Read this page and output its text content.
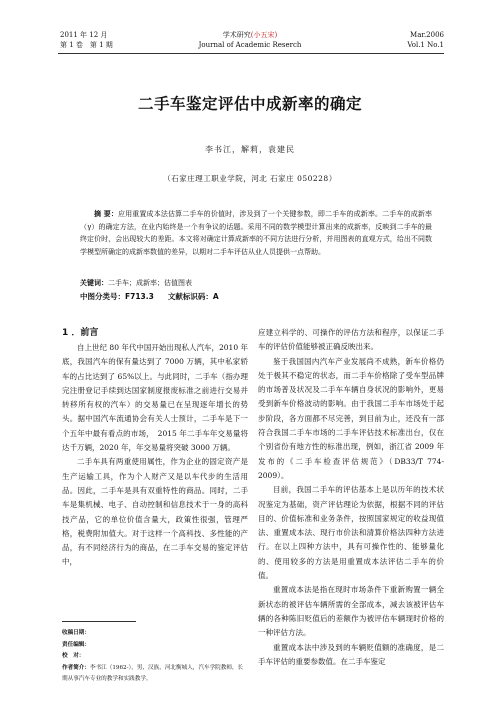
2011 年 12 月
第 1 卷　第 1 期
学术研究(小五宋)
Journal of Academic Reserch
Mar.2006
Vol.1 No.1
二手车鉴定评估中成新率的确定
李书江，解莉，袁建民
（石家庄理工职业学院，河北 石家庄 050228）

摘 要：应用重置成本法估算二手车的价值时，涉及到了一个关键参数，即二手车的成新率。二手车的成新率（γ）的确定方法，在业内始终是一个有争议的话题。采用不同的数学模型计算出来的成新率，反映到二手车的最终定价时，会出现较大的差距。本文将对确定计算成新率的不同方法进行分析，并用图表的直观方式，给出不同数学模型所确定的成新率数值的差异，以期对二手车评估从业人员提供一点帮助。

关键词：二手车；成新率；估值图表
中图分类号：F713.3 文献标识码：A
1 ．前言

自上世纪 80 年代中国开始出现私人汽车，2010 年底，我国汽车的保有量达到了 7000 万辆，其中私家轿车的占比达到了 65%以上。与此同时，二手车（指办理完注册登记手续到达国家制度报废标准之前进行交易并转移所有权的汽车）的交易量已在呈现逐年增长的势头。据中国汽车流通协会有关人士预计，二手车是下一个五年中最有看点的市场，　2015 年二手车年交易量将达千万辆，2020 年，年交易量将突破 3000 万辆。

二手车具有两重使用属性，作为企业的固定资产是生产运输工具，作为个人财产又是以车代步的生活用品。因此，二手车是具有双重特性的商品。同时，二手车是集机械、电子、自动控制和信息技术于一身的高科技产品，它的单位价值含量大，政策性很强，管理严格，税费附加值大。对于这样一个高科技、多性能的产品，有不同经济行为的商品，在二手车交易的鉴定评估中，

应建立科学的、可操作的评估方法和程序，以保证二手车的评估价值能够被正确反映出来。

鉴于我国国内汽车产业发展尚不成熟，新车价格仍处于极其不稳定的状态，而二手车价格除了受车型品牌的市场普及状况及二手车车辆自身状况的影响外，更易受到新车价格波动的影响。由于我国二手车市场处于起步阶段，各方面都不尽完善，到目前为止，还没有一部符合我国二手车市场的二手车评估技术标准出台，仅在个别省份有地方性的标准出现，例如，浙江省 2009 年发布的《二手车检查评估规范》（DB33/T 774-2009）。

目前，我国二手车的评估基本上是以历年的技术状况鉴定为基础，资产评估理论为依据，根据不同的评估目的、价值标准和业务条件，按照国家规定的收益现值法、重置成本法、现行市价法和清算价格法四种方法进行。在以上四种方法中，具有可操作性的、能够量化的、使用较多的方法是用重置成本法评估二手车的价值。

重置成本法是指在现时市场条件下重新购置一辆全新状态的被评估车辆所需的全部成本，减去该被评估车辆的各种陈旧贬值后的差额作为被评估车辆现时价格的一种评估方法。

重置成本法中涉及到的车辆贬值额的准确度，是二手车评估的重要参数值。在二手车鉴定

收稿日期：
责任编辑：
校　对：
作者简介：李书江（1962-），男，汉族，河北衡城人，汽车学院教师，长期从事汽车专业的教学和实践教学。
